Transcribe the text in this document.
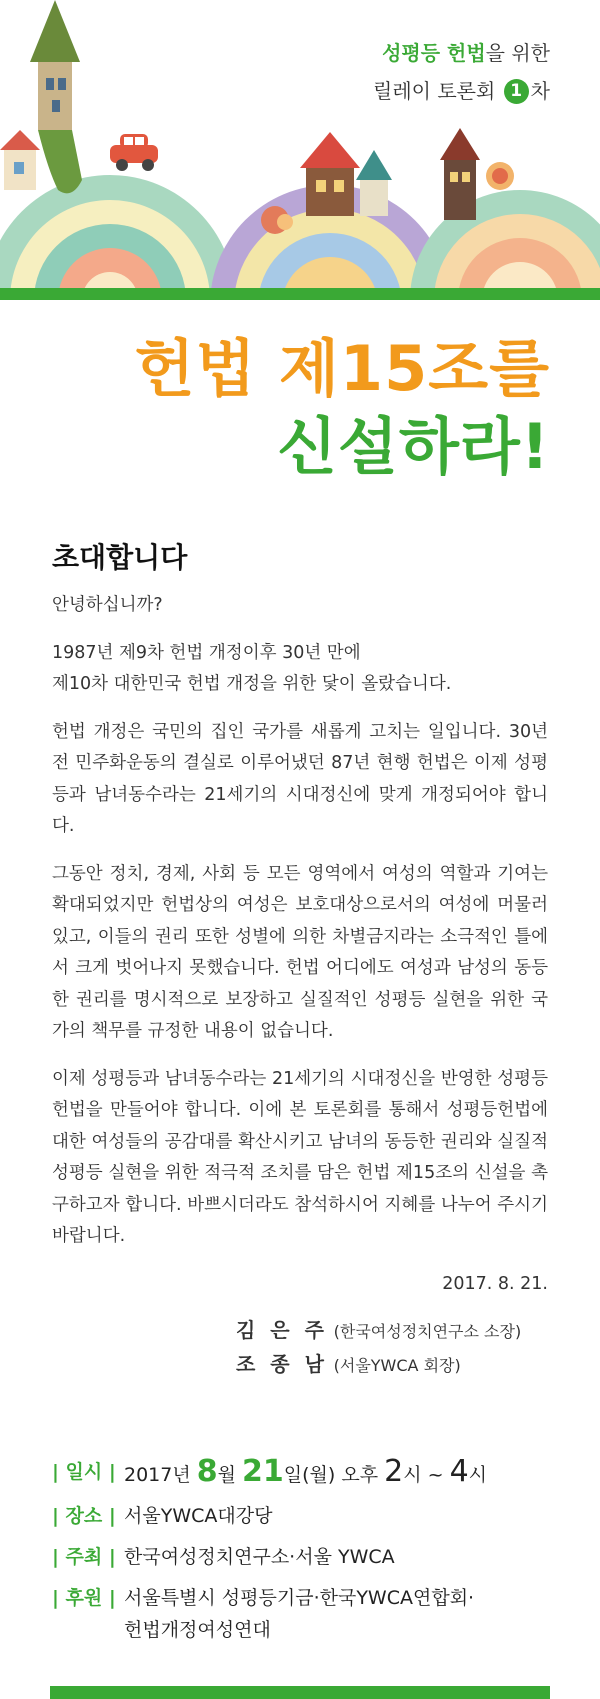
성평등 헌법을 위한
릴레이 토론회 1 차
헌법 제15조를
신설하라!
초대합니다

안녕하십니까?

1987년 제9차 헌법 개정이후 30년 만에
제10차 대한민국 헌법 개정을 위한 닻이 올랐습니다.

헌법 개정은 국민의 집인 국가를 새롭게 고치는 일입니다. 30년 전 민주화운동의 결실로 이루어냈던 87년 현행 헌법은 이제 성평등과 남녀동수라는 21세기의 시대정신에 맞게 개정되어야 합니다.

그동안 정치, 경제, 사회 등 모든 영역에서 여성의 역할과 기여는 확대되었지만 헌법상의 여성은 보호대상으로서의 여성에 머물러 있고, 이들의 권리 또한 성별에 의한 차별금지라는 소극적인 틀에서 크게 벗어나지 못했습니다. 헌법 어디에도 여성과 남성의 동등한 권리를 명시적으로 보장하고 실질적인 성평등 실현을 위한 국가의 책무를 규정한 내용이 없습니다.

이제 성평등과 남녀동수라는 21세기의 시대정신을 반영한 성평등 헌법을 만들어야 합니다. 이에 본 토론회를 통해서 성평등헌법에 대한 여성들의 공감대를 확산시키고 남녀의 동등한 권리와 실질적 성평등 실현을 위한 적극적 조치를 담은 헌법 제15조의 신설을 촉구하고자 합니다. 바쁘시더라도 참석하시어 지혜를 나누어 주시기 바랍니다.

2017. 8. 21.
김 은 주 (한국여성정치연구소 소장)
조 종 남 (서울YWCA 회장)
| 일시 | 2017년 8월 21일(월) 오후 2시 ~ 4시
| 장소 | 서울YWCA대강당
| 주최 | 한국여성정치연구소·서울 YWCA
| 후원 | 서울특별시 성평등기금·한국YWCA연합회·
헌법개정여성연대
